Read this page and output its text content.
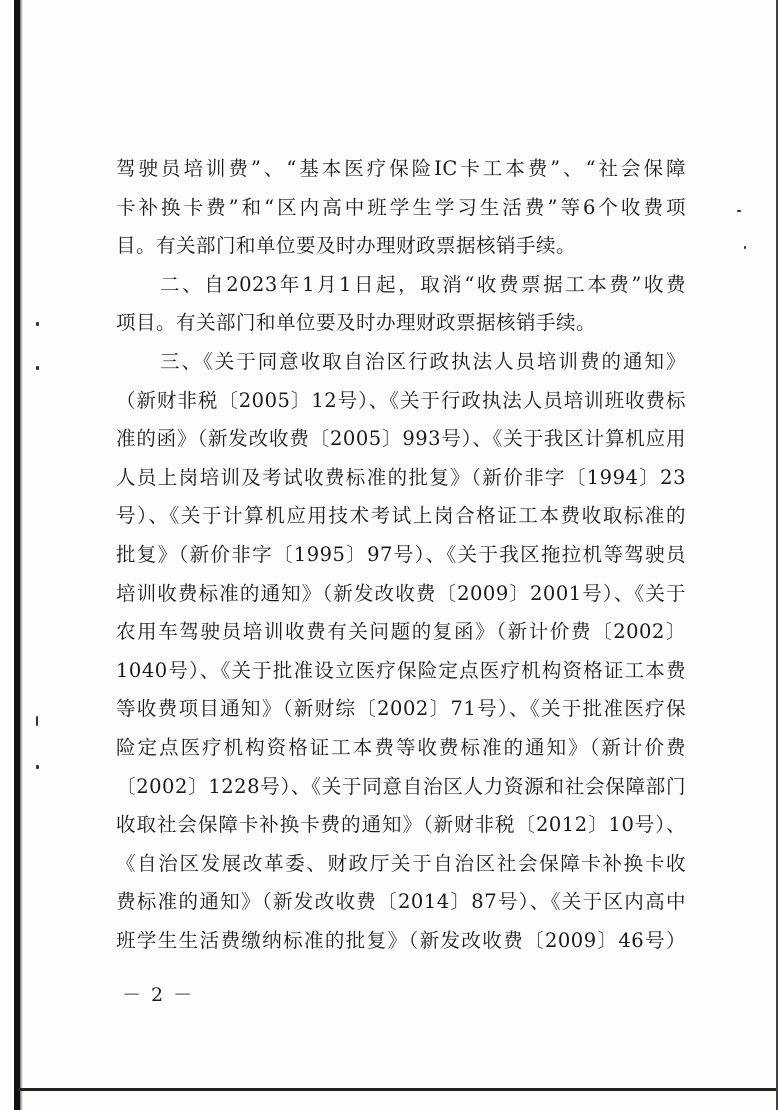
驾驶员培训费”、“基本医疗保险IC卡工本费”、“社会保障
卡补换卡费”和“区内高中班学生学习生活费”等6个收费项
目。有关部门和单位要及时办理财政票据核销手续。
二、自2023年1月1日起，取消“收费票据工本费”收费
项目。有关部门和单位要及时办理财政票据核销手续。
三、《关于同意收取自治区行政执法人员培训费的通知》
（新财非税〔2005〕12号）、《关于行政执法人员培训班收费标
准的函》（新发改收费〔2005〕993号）、《关于我区计算机应用
人员上岗培训及考试收费标准的批复》（新价非字〔1994〕23
号）、《关于计算机应用技术考试上岗合格证工本费收取标准的
批复》（新价非字〔1995〕97号）、《关于我区拖拉机等驾驶员
培训收费标准的通知》（新发改收费〔2009〕2001号）、《关于
农用车驾驶员培训收费有关问题的复函》（新计价费〔2002〕
1040号）、《关于批准设立医疗保险定点医疗机构资格证工本费
等收费项目通知》（新财综〔2002〕71号）、《关于批准医疗保
险定点医疗机构资格证工本费等收费标准的通知》（新计价费
〔2002〕1228号）、《关于同意自治区人力资源和社会保障部门
收取社会保障卡补换卡费的通知》（新财非税〔2012〕10号）、
《自治区发展改革委、财政厅关于自治区社会保障卡补换卡收
费标准的通知》（新发改收费〔2014〕87号）、《关于区内高中
班学生生活费缴纳标准的批复》（新发改收费〔2009〕46号）
－ 2 －
